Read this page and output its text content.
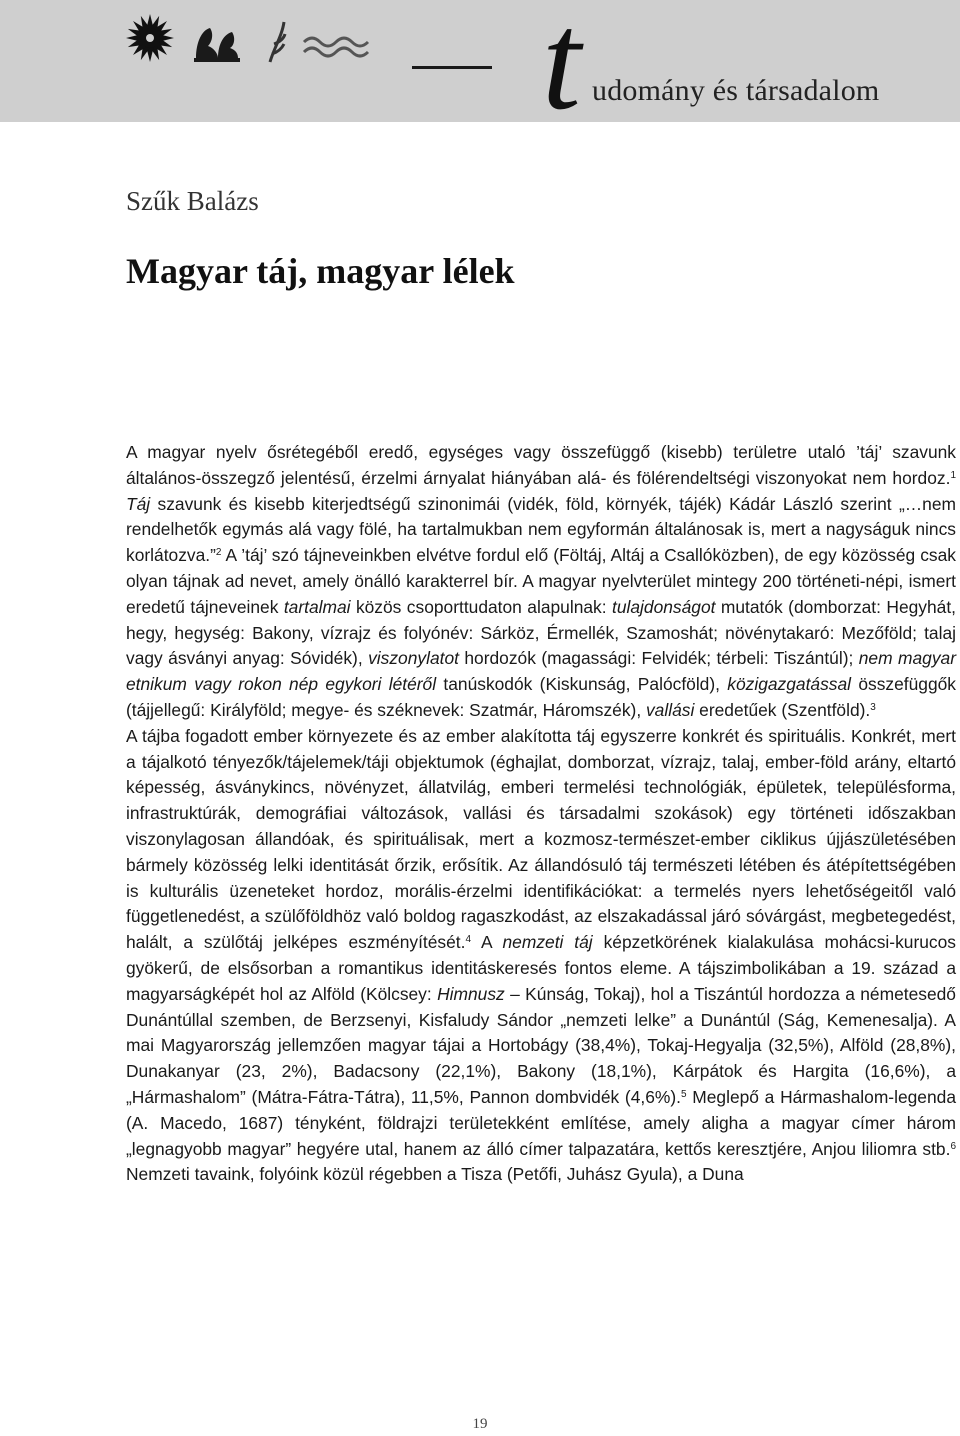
t udomány és társadalom
Szűk Balázs
Magyar táj, magyar lélek

A magyar nyelv ősrétegéből eredő, egységes vagy összefüggő (kisebb) területre utaló ’táj’ szavunk általános-összegző jelentésű, érzelmi árnyalat hiányában alá- és fölérendeltségi viszonyokat nem hordoz.$^1$ Táj szavunk és kisebb kiterjedtségű szinonimái (vidék, föld, környék, tájék) Kádár László szerint „…nem rendelhetők egymás alá vagy fölé, ha tartalmukban nem egyformán általánosak is, mert a nagyságuk nincs korlátozva.”$^2$ A ’táj’ szó tájneveinkben elvétve fordul elő (Föltáj, Altáj a Csallóközben), de egy közösség csak olyan tájnak ad nevet, amely önálló karakterrel bír. A magyar nyelvterület mintegy 200 történeti-népi, ismert eredetű tájneveinek tartalmai közös csoporttudaton alapulnak: tulajdonságot mutatók (domborzat: Hegyhát, hegy, hegység: Bakony, vízrajz és folyónév: Sárköz, Érmellék, Szamoshát; növénytakaró: Mezőföld; talaj vagy ásványi anyag: Sóvidék), viszonylatot hordozók (magassági: Felvidék; térbeli: Tiszántúl); nem magyar etnikum vagy rokon nép egykori létéről tanúskodók (Kiskunság, Palócföld), közigazgatással összefüggők (tájjellegű: Királyföld; megye- és széknevek: Szatmár, Háromszék), vallási eredetűek (Szentföld).$^3$

A tájba fogadott ember környezete és az ember alakította táj egyszerre konkrét és spirituális. Konkrét, mert a tájalkotó tényezők/tájelemek/táji objektumok (éghajlat, domborzat, vízrajz, talaj, ember-föld arány, eltartó képesség, ásványkincs, növényzet, állatvilág, emberi termelési technológiák, épületek, településforma, infrastruktúrák, demográfiai változások, vallási és társadalmi szokások) egy történeti időszakban viszonylagosan állandóak, és spirituálisak, mert a kozmosz-természet-ember ciklikus újjászületésében bármely közösség lelki identitását őrzik, erősítik. Az állandósuló táj természeti létében és átépítettségében is kulturális üzeneteket hordoz, morális-érzelmi identifikációkat: a termelés nyers lehetőségeitől való függetlenedést, a szülőföldhöz való boldog ragaszkodást, az elszakadással járó sóvárgást, megbetegedést, halált, a szülőtáj jelképes eszményítését.$^4$ A nemzeti táj képzetkörének kialakulása mohácsi-kurucos gyökerű, de elsősorban a romantikus identitáskeresés fontos eleme. A tájszimbolikában a 19. század a magyarságképét hol az Alföld (Kölcsey: Himnusz – Kúnság, Tokaj), hol a Tiszántúl hordozza a németesedő Dunántúllal szemben, de Berzsenyi, Kisfaludy Sándor „nemzeti lelke” a Dunántúl (Ság, Kemenesalja). A mai Magyarország jellemzően magyar tájai a Hortobágy (38,4%), Tokaj-Hegyalja (32,5%), Alföld (28,8%), Dunakanyar (23, 2%), Badacsony (22,1%), Bakony (18,1%), Kárpátok és Hargita (16,6%), a „Hármashalom” (Mátra-Fátra-Tátra), 11,5%, Pannon dombvidék (4,6%).$^5$ Meglepő a Hármashalom-legenda (A. Macedo, 1687) tényként, földrajzi területekként említése, amely aligha a magyar címer három „legnagyobb magyar” hegyére utal, hanem az álló címer talpazatára, kettős keresztjére, Anjou liliomra stb.$^6$ Nemzeti tavaink, folyóink közül régebben a Tisza (Petőfi, Juhász Gyula), a Duna

19
